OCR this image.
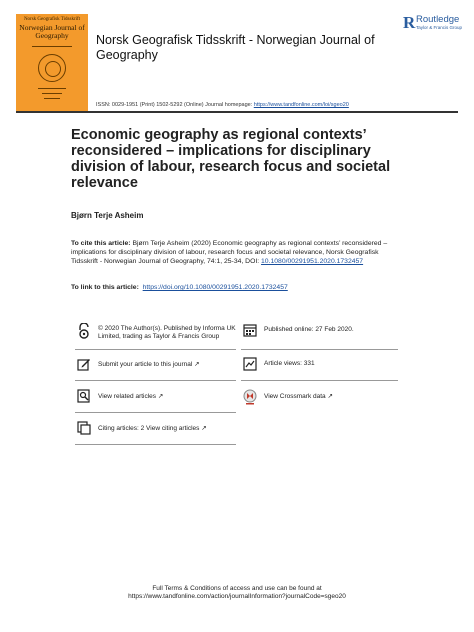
Norsk Geografisk Tidsskrift
Norwegian Journal of
Geography	Norsk Geografisk Tidsskrift - Norwegian Journal of Geography
R Routledge
Taylor & Francis Group
ISSN: 0029-1951 (Print) 1502-5292 (Online) Journal homepage: https://www.tandfonline.com/loi/sgeo20
Economic geography as regional contexts’ reconsidered – implications for disciplinary division of labour, research focus and societal relevance
Bjørn Terje Asheim
To cite this article: Bjørn Terje Asheim (2020) Economic geography as regional contexts’ reconsidered – implications for disciplinary division of labour, research focus and societal relevance, Norsk Geografisk Tidsskrift - Norwegian Journal of Geography, 74:1, 25-34, DOI: 10.1080/00291951.2020.1732457
To link to this article: https://doi.org/10.1080/00291951.2020.1732457
© 2020 The Author(s). Published by Informa UK Limited, trading as Taylor & Francis Group
Published online: 27 Feb 2020.
Submit your article to this journal ↗	Article views: 331
View related articles ↗	View Crossmark data ↗
Citing articles: 2 View citing articles ↗
Full Terms & Conditions of access and use can be found at
https://www.tandfonline.com/action/journalInformation?journalCode=sgeo20
